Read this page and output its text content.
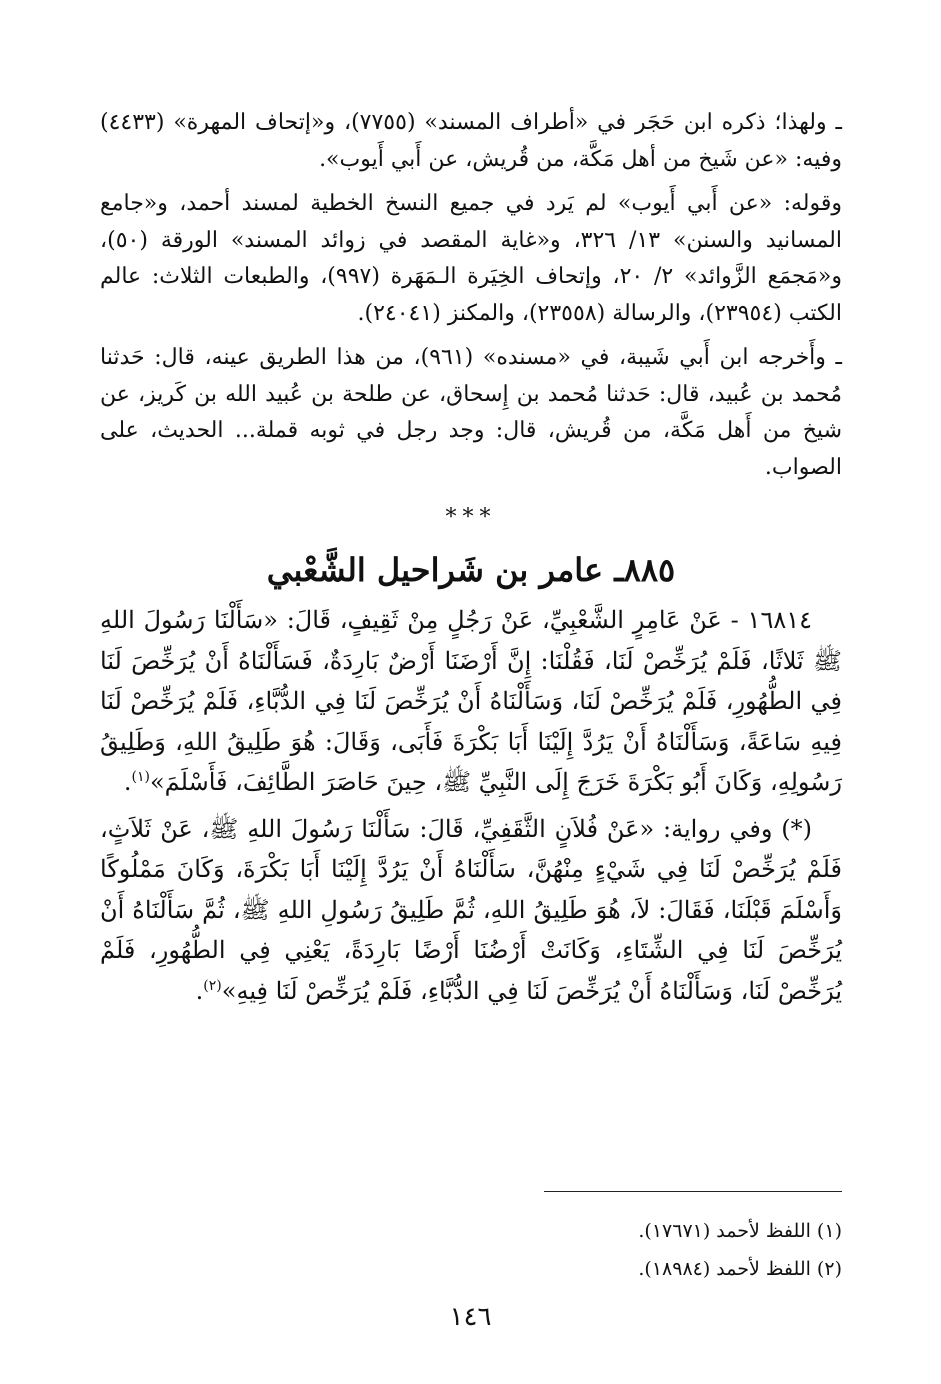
ـ ولهذا؛ ذكره ابن حَجَر في «أطراف المسند» (٧٧٥٥)، و«إتحاف المهرة» (٤٤٣٣) وفيه: «عن شَيخ من أهل مَكَّة، من قُريش، عن أَبي أَيوب».

وقوله: «عن أَبي أَيوب» لم يَرد في جميع النسخ الخطية لمسند أحمد، و«جامع المسانيد والسنن» ١٣/ ٣٢٦، و«غاية المقصد في زوائد المسند» الورقة (٥٠)، و«مَجمَع الزَّوائد» ٢/ ٢٠، وإتحاف الخِيَرة الـمَهَرة (٩٩٧)، والطبعات الثلاث: عالم الكتب (٢٣٩٥٤)، والرسالة (٢٣٥٥٨)، والمكنز (٢٤٠٤١).

ـ وأَخرجه ابن أَبي شَيبة، في «مسنده» (٩٦١)، من هذا الطريق عينه، قال: حَدثنا مُحمد بن عُبيد، قال: حَدثنا مُحمد بن إِسحاق، عن طلحة بن عُبيد الله بن كَريز، عن شيخ من أَهل مَكَّة، من قُريش، قال: وجد رجل في ثوبه قملة... الحديث، على الصواب.

***
٨٨٥ـ عامر بن شَراحيل الشَّعْبي

١٦٨١٤ - عَنْ عَامِرٍ الشَّعْبِيِّ، عَنْ رَجُلٍ مِنْ ثَقِيفٍ، قَالَ: «سَأَلْنَا رَسُولَ اللهِ ﷺ ثَلاثًا، فَلَمْ يُرَخِّصْ لَنَا، فَقُلْنَا: إِنَّ أَرْضَنَا أَرْضٌ بَارِدَةٌ، فَسَأَلْنَاهُ أَنْ يُرَخِّصَ لَنَا فِي الطُّهُورِ، فَلَمْ يُرَخِّصْ لَنَا، وَسَأَلْنَاهُ أَنْ يُرَخِّصَ لَنَا فِي الدُّبَّاءِ، فَلَمْ يُرَخِّصْ لَنَا فِيهِ سَاعَةً، وَسَأَلْنَاهُ أَنْ يَرُدَّ إِلَيْنَا أَبَا بَكْرَةَ فَأَبَى، وَقَالَ: هُوَ طَلِيقُ اللهِ، وَطَلِيقُ رَسُولِهِ، وَكَانَ أَبُو بَكْرَةَ خَرَجَ إِلَى النَّبِيِّ ﷺ، حِينَ حَاصَرَ الطَّائِفَ، فَأَسْلَمَ»$^{(١)}$.

(*) وفي رواية: «عَنْ فُلاَنٍ الثَّقَفِيِّ، قَالَ: سَأَلْنَا رَسُولَ اللهِ ﷺ، عَنْ ثَلاَثٍ، فَلَمْ يُرَخِّصْ لَنَا فِي شَيْءٍ مِنْهُنَّ، سَأَلْنَاهُ أَنْ يَرُدَّ إِلَيْنَا أَبَا بَكْرَةَ، وَكَانَ مَمْلُوكًا وَأَسْلَمَ قَبْلَنَا، فَقَالَ: لاَ، هُوَ طَلِيقُ اللهِ، ثُمَّ طَلِيقُ رَسُولِ اللهِ ﷺ، ثُمَّ سَأَلْنَاهُ أَنْ يُرَخِّصَ لَنَا فِي الشِّتَاءِ، وَكَانَتْ أَرْضُنَا أَرْضًا بَارِدَةً، يَعْنِي فِي الطُّهُورِ، فَلَمْ يُرَخِّصْ لَنَا، وَسَأَلْنَاهُ أَنْ يُرَخِّصَ لَنَا فِي الدُّبَّاءِ، فَلَمْ يُرَخِّصْ لَنَا فِيهِ»$^{(٢)}$.

(١) اللفظ لأحمد (١٧٦٧١).

(٢) اللفظ لأحمد (١٨٩٨٤).

١٤٦
